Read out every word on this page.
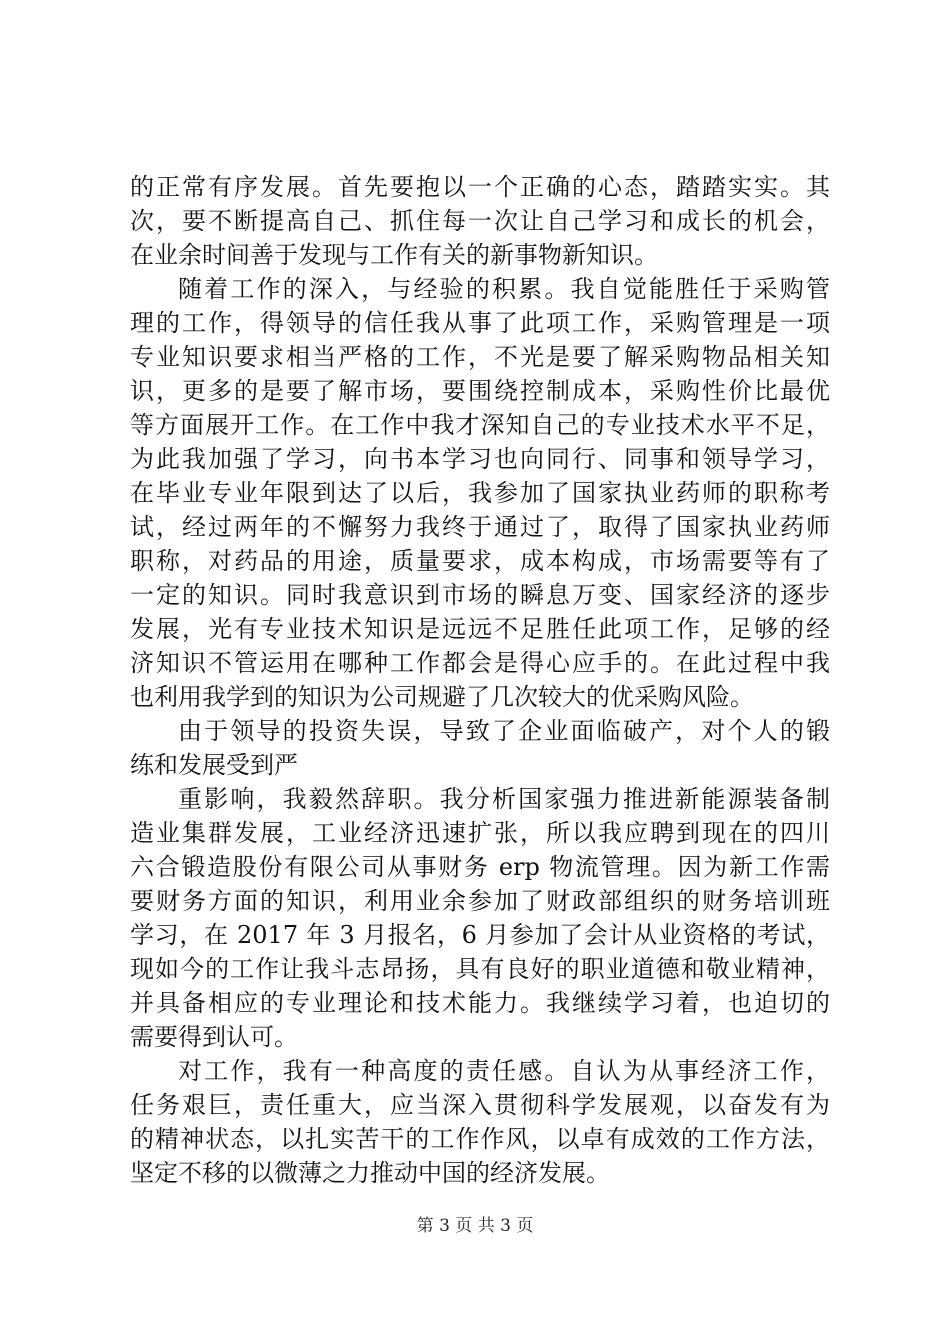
的正常有序发展。首先要抱以一个正确的心态，踏踏实实。其
次，要不断提高自己、抓住每一次让自己学习和成长的机会，
在业余时间善于发现与工作有关的新事物新知识。
随着工作的深入，与经验的积累。我自觉能胜任于采购管
理的工作，得领导的信任我从事了此项工作，采购管理是一项
专业知识要求相当严格的工作，不光是要了解采购物品相关知
识，更多的是要了解市场，要围绕控制成本，采购性价比最优
等方面展开工作。在工作中我才深知自己的专业技术水平不足，
为此我加强了学习，向书本学习也向同行、同事和领导学习，
在毕业专业年限到达了以后，我参加了国家执业药师的职称考
试，经过两年的不懈努力我终于通过了，取得了国家执业药师
职称，对药品的用途，质量要求，成本构成，市场需要等有了
一定的知识。同时我意识到市场的瞬息万变、国家经济的逐步
发展，光有专业技术知识是远远不足胜任此项工作，足够的经
济知识不管运用在哪种工作都会是得心应手的。在此过程中我
也利用我学到的知识为公司规避了几次较大的优采购风险。
由于领导的投资失误，导致了企业面临破产，对个人的锻
练和发展受到严
重影响，我毅然辞职。我分析国家强力推进新能源装备制
造业集群发展，工业经济迅速扩张，所以我应聘到现在的四川
六合锻造股份有限公司从事财务 erp 物流管理。因为新工作需
要财务方面的知识，利用业余参加了财政部组织的财务培训班
学习，在 2017 年 3 月报名，6 月参加了会计从业资格的考试，
现如今的工作让我斗志昂扬，具有良好的职业道德和敬业精神，
并具备相应的专业理论和技术能力。我继续学习着，也迫切的
需要得到认可。
对工作，我有一种高度的责任感。自认为从事经济工作，
任务艰巨，责任重大，应当深入贯彻科学发展观，以奋发有为
的精神状态，以扎实苦干的工作作风，以卓有成效的工作方法，
坚定不移的以微薄之力推动中国的经济发展。
第 3 页 共 3 页
